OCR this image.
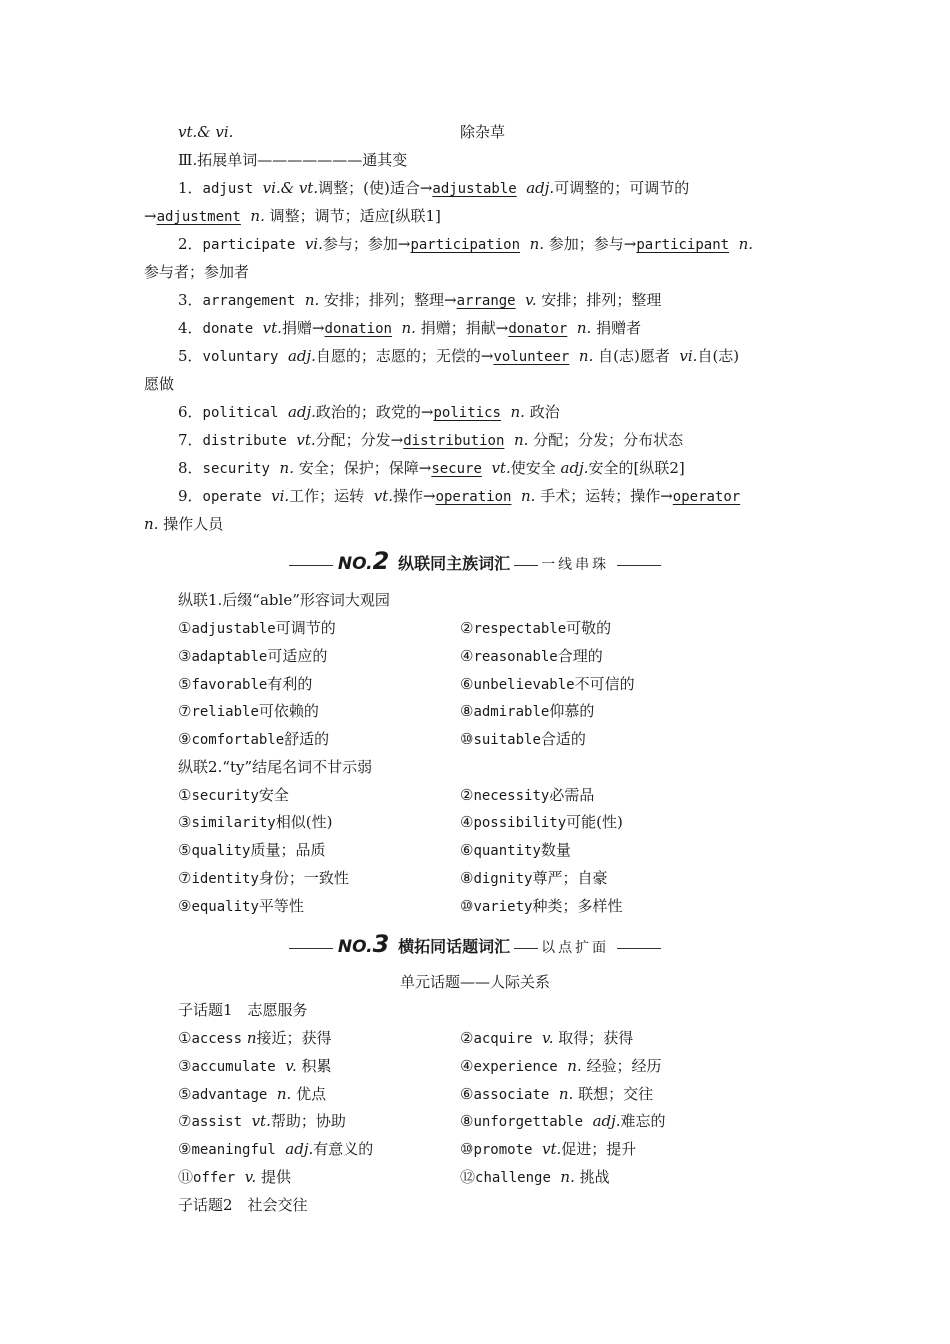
vt.& vi.	除杂草
Ⅲ.拓展单词———————通其变
1．adjust vi.& vt.调整；(使)适合→adjustable adj.可调整的；可调节的
→adjustment n. 调整；调节；适应[纵联1]
2．participate vi.参与；参加→participation n. 参加；参与→participant n.
参与者；参加者
3．arrangement n. 安排；排列；整理→arrange v. 安排；排列；整理
4．donate vt.捐赠→donation n. 捐赠；捐献→donator n. 捐赠者
5．voluntary adj.自愿的；志愿的；无偿的→volunteer n. 自(志)愿者 vi.自(志)
愿做
6．political adj.政治的；政党的→politics n. 政治
7．distribute vt.分配；分发→distribution n. 分配；分发；分布状态
8．security n. 安全；保护；保障→secure vt.使安全 adj.安全的[纵联2]
9．operate vi.工作；运转 vt.操作→operation n. 手术；运转；操作→operator
n. 操作人员
NO.2 纵联同主族词汇 一线串珠
纵联1.后缀“able”形容词大观园
①adjustable可调节的	②respectable可敬的
③adaptable可适应的	④reasonable合理的
⑤favorable有利的	⑥unbelievable不可信的
⑦reliable可依赖的	⑧admirable仰慕的
⑨comfortable舒适的	⑩suitable合适的
纵联2.“ty”结尾名词不甘示弱
①security安全	②necessity必需品
③similarity相似(性)	④possibility可能(性)
⑤quality质量；品质	⑥quantity数量
⑦identity身份；一致性	⑧dignity尊严；自豪
⑨equality平等性	⑩variety种类；多样性
NO.3 横拓同话题词汇 以点扩面
单元话题——人际关系
子话题1　志愿服务
①access n接近；获得	②acquire v. 取得；获得
③accumulate v. 积累	④experience n. 经验；经历
⑤advantage n. 优点	⑥associate n. 联想；交往
⑦assist vt.帮助；协助	⑧unforgettable adj.难忘的
⑨meaningful adj.有意义的	⑩promote vt.促进；提升
⑪offer v. 提供	⑫challenge n. 挑战
子话题2　社会交往
